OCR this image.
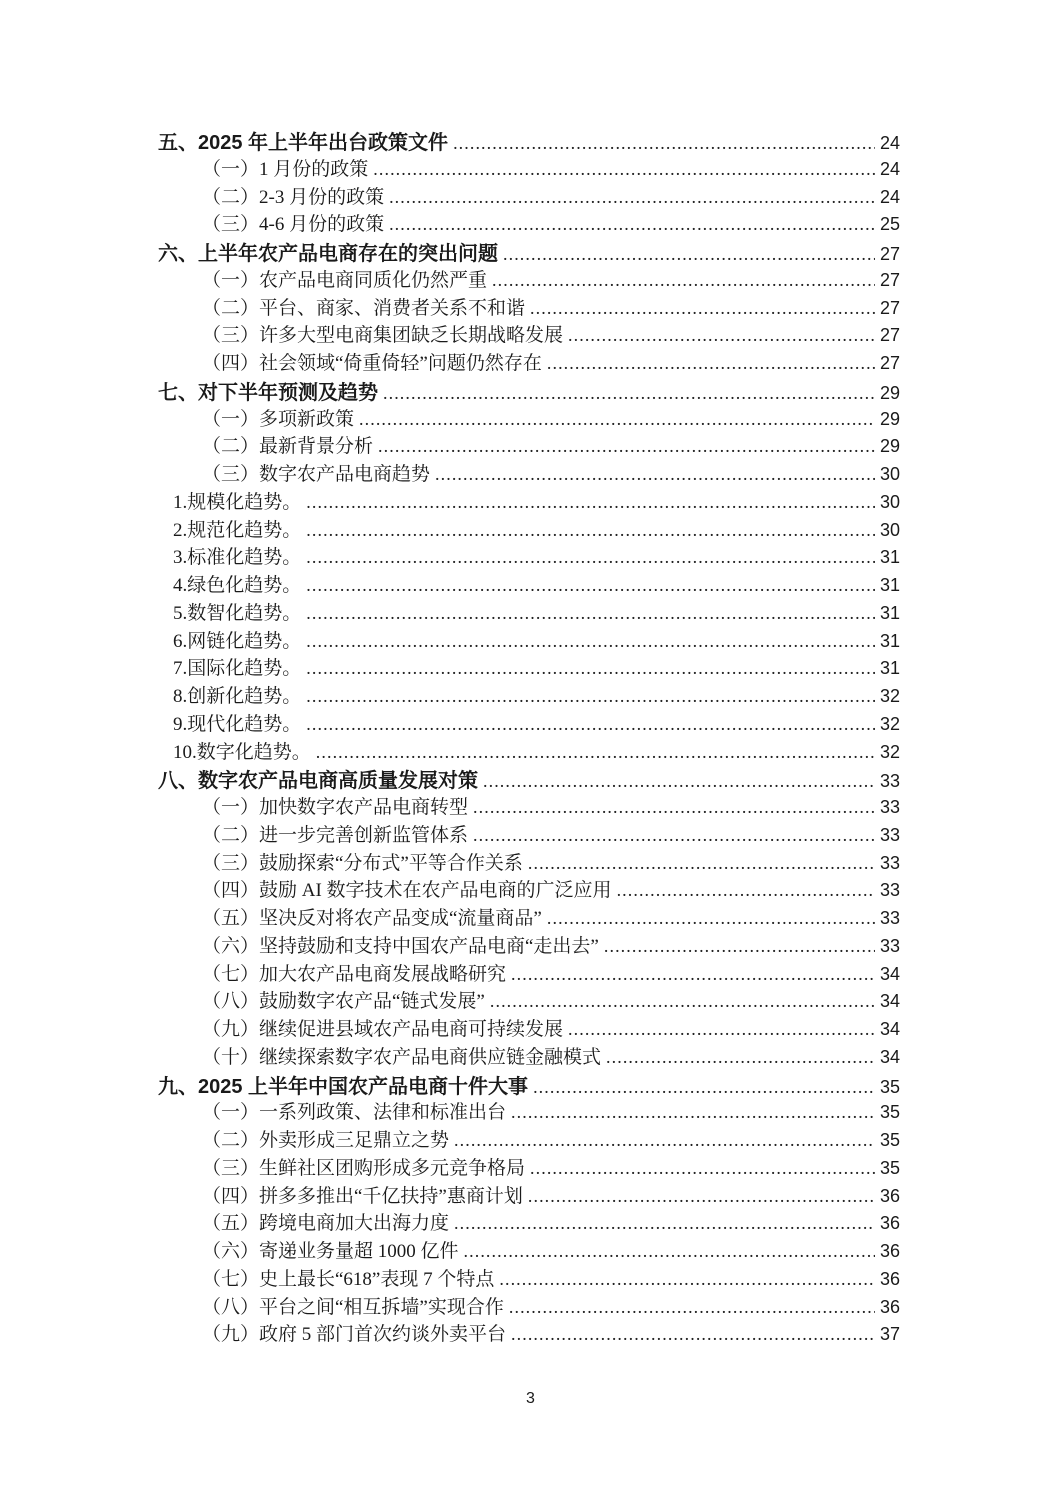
五、2025 年上半年出台政策文件 .....	24
（一）1 月份的政策 .....	24
（二）2-3 月份的政策 .....	24
（三）4-6 月份的政策 .....	25
六、上半年农产品电商存在的突出问题 .....	27
（一）农产品电商同质化仍然严重 .....	27
（二）平台、商家、消费者关系不和谐 .....	27
（三）许多大型电商集团缺乏长期战略发展 .....	27
（四）社会领域“倚重倚轻”问题仍然存在 .....	27
七、对下半年预测及趋势 .....	29
（一）多项新政策 .....	29
（二）最新背景分析 .....	29
（三）数字农产品电商趋势 .....	30
1.规模化趋势。 .....	30
2.规范化趋势。 .....	30
3.标准化趋势。 .....	31
4.绿色化趋势。 .....	31
5.数智化趋势。 .....	31
6.网链化趋势。 .....	31
7.国际化趋势。 .....	31
8.创新化趋势。 .....	32
9.现代化趋势。 .....	32
10.数字化趋势。 .....	32
八、数字农产品电商高质量发展对策 .....	33
（一）加快数字农产品电商转型 .....	33
（二）进一步完善创新监管体系 .....	33
（三）鼓励探索“分布式”平等合作关系 .....	33
（四）鼓励 AI 数字技术在农产品电商的广泛应用 .....	33
（五）坚决反对将农产品变成“流量商品” .....	33
（六）坚持鼓励和支持中国农产品电商“走出去” .....	33
（七）加大农产品电商发展战略研究 .....	34
（八）鼓励数字农产品“链式发展” .....	34
（九）继续促进县域农产品电商可持续发展 .....	34
（十）继续探索数字农产品电商供应链金融模式 .....	34
九、2025 上半年中国农产品电商十件大事 .....	35
（一）一系列政策、法律和标准出台 .....	35
（二）外卖形成三足鼎立之势 .....	35
（三）生鲜社区团购形成多元竞争格局 .....	35
（四）拼多多推出“千亿扶持”惠商计划 .....	36
（五）跨境电商加大出海力度 .....	36
（六）寄递业务量超 1000 亿件 .....	36
（七）史上最长“618”表现 7 个特点 .....	36
（八）平台之间“相互拆墙”实现合作 .....	36
（九）政府 5 部门首次约谈外卖平台 .....	37
3
